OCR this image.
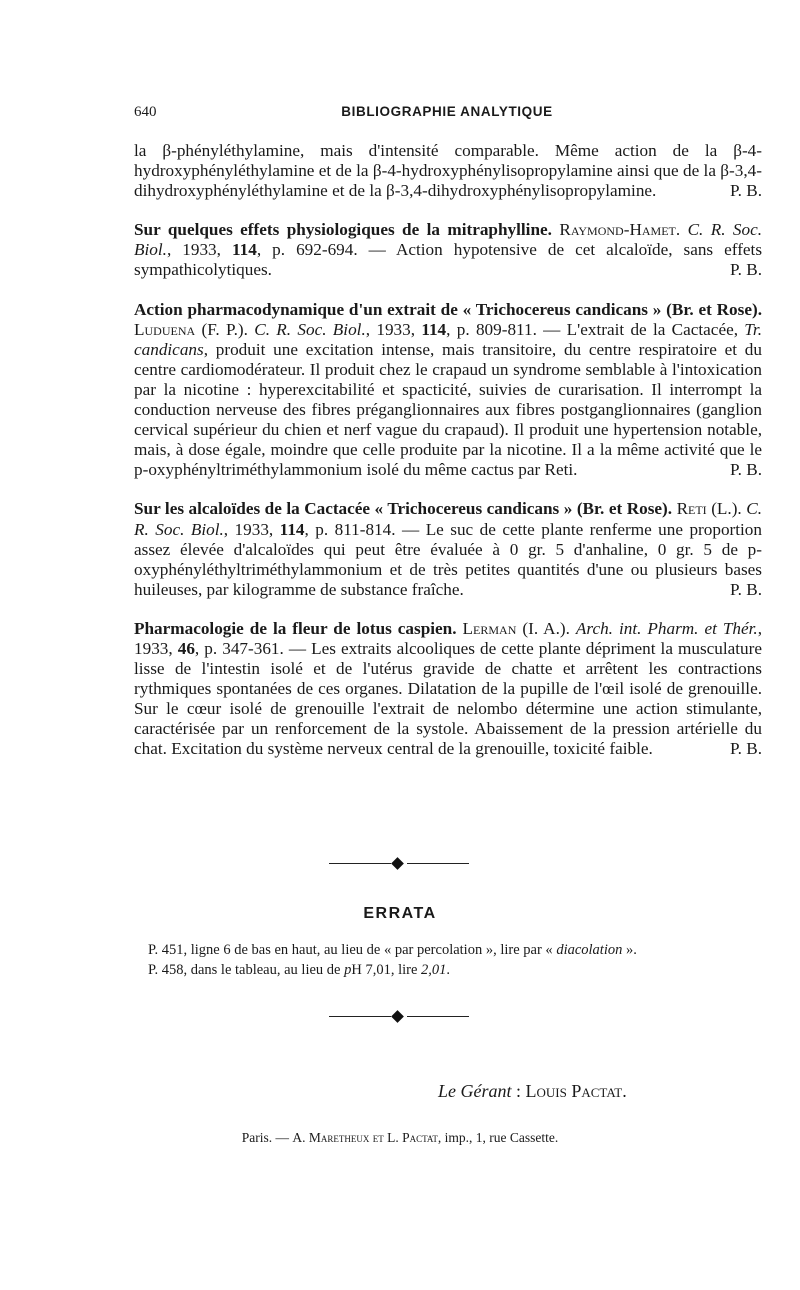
640	BIBLIOGRAPHIE ANALYTIQUE

la β-phényléthylamine, mais d'intensité comparable. Même action de la β-4-hydroxyphényléthylamine et de la β-4-hydroxyphénylisopropylamine ainsi que de la β-3,4-dihydroxyphényléthylamine et de la β-3,4-dihydroxyphénylisopropylamine.	P. B.

Sur quelques effets physiologiques de la mitraphylline. Raymond-Hamet. C. R. Soc. Biol., 1933, 114, p. 692-694. — Action hypotensive de cet alcaloïde, sans effets sympathicolytiques.	P. B.

Action pharmacodynamique d'un extrait de « Trichocereus candicans » (Br. et Rose). Luduena (F. P.). C. R. Soc. Biol., 1933, 114, p. 809-811. — L'extrait de la Cactacée, Tr. candicans, produit une excitation intense, mais transitoire, du centre respiratoire et du centre cardiomodérateur. Il produit chez le crapaud un syndrome semblable à l'intoxication par la nicotine : hyperexcitabilité et spacticité, suivies de curarisation. Il interrompt la conduction nerveuse des fibres préganglionnaires aux fibres postganglionnaires (ganglion cervical supérieur du chien et nerf vague du crapaud). Il produit une hypertension notable, mais, à dose égale, moindre que celle produite par la nicotine. Il a la même activité que le p-oxyphényltriméthylammonium isolé du même cactus par Reti.	P. B.

Sur les alcaloïdes de la Cactacée « Trichocereus candicans » (Br. et Rose). Reti (L.). C. R. Soc. Biol., 1933, 114, p. 811-814. — Le suc de cette plante renferme une proportion assez élevée d'alcaloïdes qui peut être évaluée à 0 gr. 5 d'anhaline, 0 gr. 5 de p-oxyphényléthyltriméthylammonium et de très petites quantités d'une ou plusieurs bases huileuses, par kilogramme de substance fraîche.	P. B.

Pharmacologie de la fleur de lotus caspien. Lerman (I. A.). Arch. int. Pharm. et Thér., 1933, 46, p. 347-361. — Les extraits alcooliques de cette plante dépriment la musculature lisse de l'intestin isolé et de l'utérus gravide de chatte et arrêtent les contractions rythmiques spontanées de ces organes. Dilatation de la pupille de l'œil isolé de grenouille. Sur le cœur isolé de grenouille l'extrait de nelombo détermine une action stimulante, caractérisée par un renforcement de la systole. Abaissement de la pression artérielle du chat. Excitation du système nerveux central de la grenouille, toxicité faible.	P. B.

ERRATA

P. 451, ligne 6 de bas en haut, au lieu de « par percolation », lire par « diacolation ».

P. 458, dans le tableau, au lieu de pH 7,01, lire 2,01.

Le Gérant : Louis Pactat.
Paris. — A. Maretheux et L. Pactat, imp., 1, rue Cassette.
